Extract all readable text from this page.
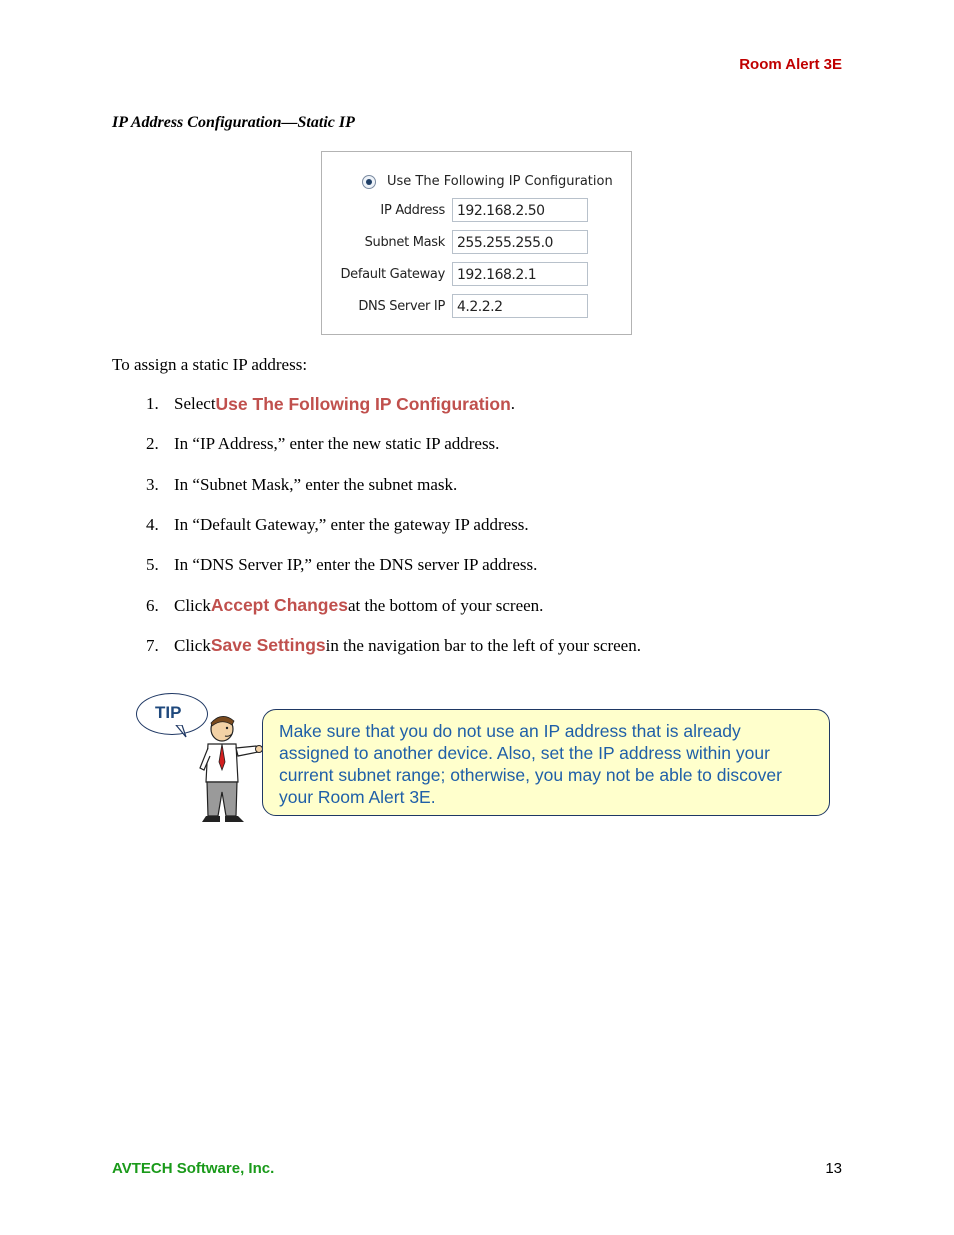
Room Alert 3E
IP Address Configuration—Static IP
Use The Following IP Configuration
IP Address 192.168.2.50
Subnet Mask 255.255.255.0
Default Gateway 192.168.2.1
DNS Server IP 4.2.2.2
To assign a static IP address:
1. Select Use The Following IP Configuration .
2. In “IP Address,” enter the new static IP address.
3. In “Subnet Mask,” enter the subnet mask.
4. In “Default Gateway,” enter the gateway IP address.
5. In “DNS Server IP,” enter the DNS server IP address.
6. Click Accept Changes at the bottom of your screen.
7. Click Save Settings in the navigation bar to the left of your screen.
TIP
Make sure that you do not use an IP address that is already assigned to another device. Also, set the IP address within your current subnet range; otherwise, you may not be able to discover your Room Alert 3E.
AVTECH Software, Inc.	13
